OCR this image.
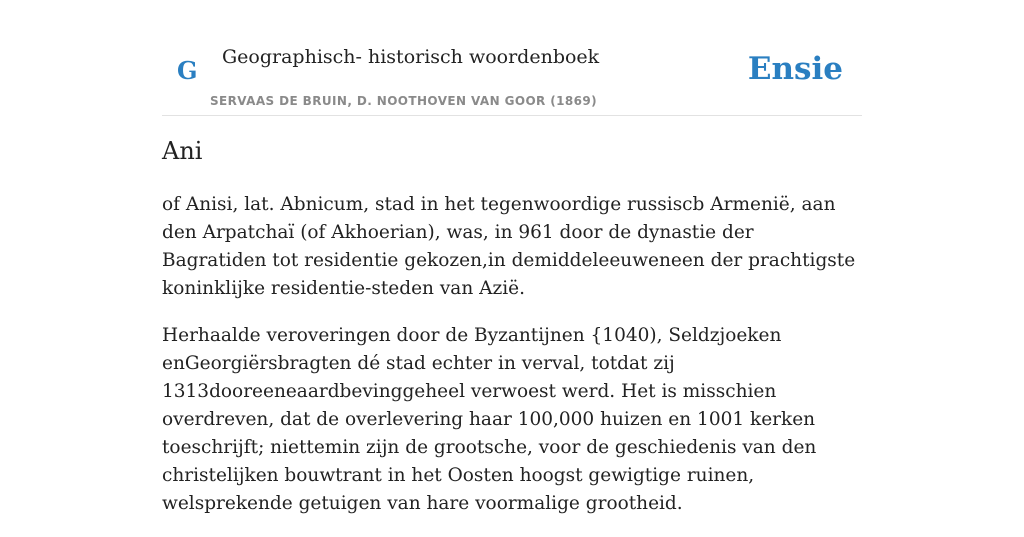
G Geographisch- historisch woordenboek
SERVAAS DE BRUIN, D. NOOTHOVEN VAN GOOR (1869)
Ensie
Ani

of Anisi, lat. Abnicum, stad in het tegenwoordige russiscb Armenië, aan den Arpatchaï (of Akhoerian), was, in 961 door de dynastie der Bagratiden tot residentie gekozen,in demiddeleeuweneen der prachtigste koninklijke residentie-steden van Azië.

Herhaalde veroveringen door de Byzantijnen {1040), Seldzjoeken enGeorgiërsbragten dé stad echter in verval, totdat zij 1313dooreeneaardbevinggeheel verwoest werd. Het is misschien overdreven, dat de overlevering haar 100,000 huizen en 1001 kerken toeschrijft; niettemin zijn de grootsche, voor de geschiedenis van den christelijken bouwtrant in het Oosten hoogst gewigtige ruinen, welsprekende getuigen van hare voormalige grootheid.
